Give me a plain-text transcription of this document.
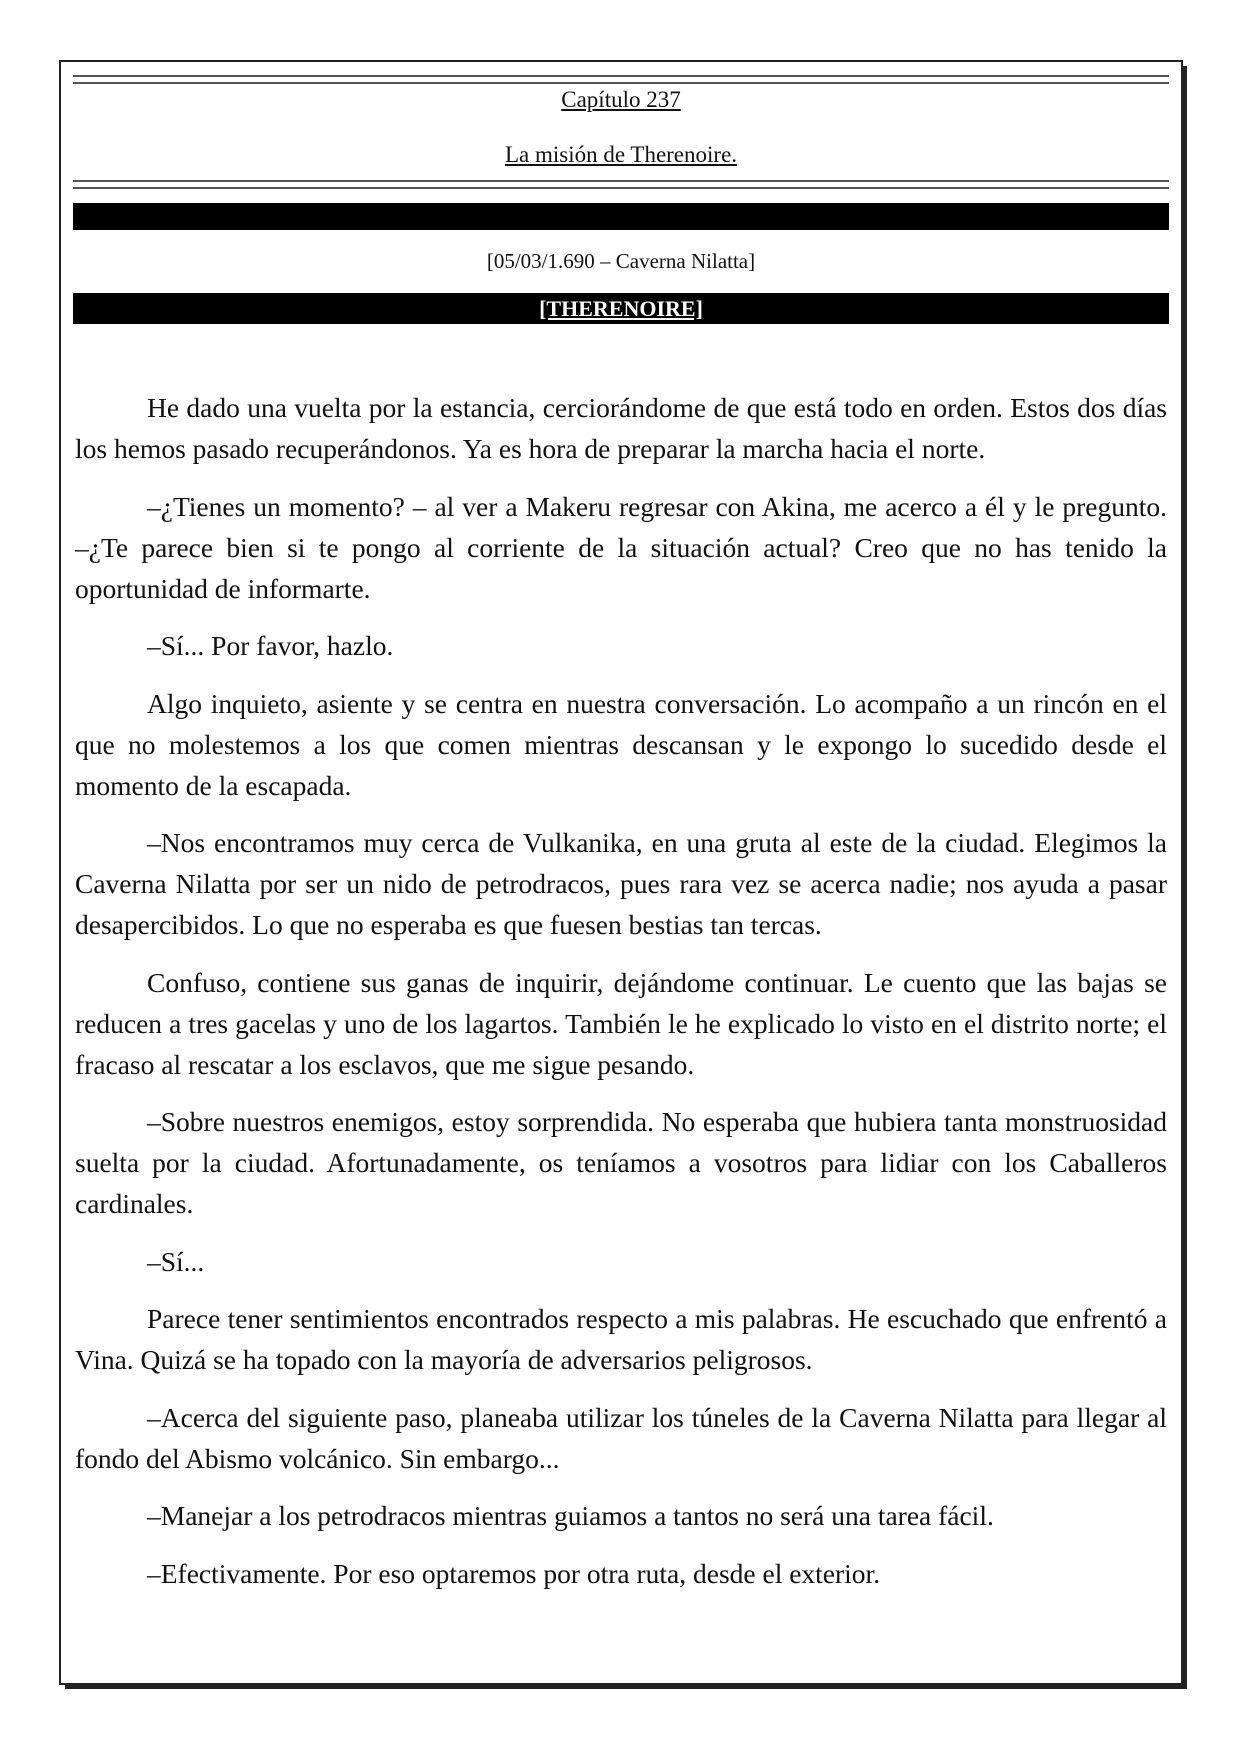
Capítulo 237
La misión de Therenoire.
[05/03/1.690 – Caverna Nilatta]
[THERENOIRE]

He dado una vuelta por la estancia, cerciorándome de que está todo en orden. Estos dos días los hemos pasado recuperándonos. Ya es hora de preparar la marcha hacia el norte.

–¿Tienes un momento? – al ver a Makeru regresar con Akina, me acerco a él y le pregunto. –¿Te parece bien si te pongo al corriente de la situación actual? Creo que no has tenido la oportunidad de informarte.

–Sí... Por favor, hazlo.

Algo inquieto, asiente y se centra en nuestra conversación. Lo acompaño a un rincón en el que no molestemos a los que comen mientras descansan y le expongo lo sucedido desde el momento de la escapada.

–Nos encontramos muy cerca de Vulkanika, en una gruta al este de la ciudad. Elegimos la Caverna Nilatta por ser un nido de petrodracos, pues rara vez se acerca nadie; nos ayuda a pasar desapercibidos. Lo que no esperaba es que fuesen bestias tan tercas.

Confuso, contiene sus ganas de inquirir, dejándome continuar. Le cuento que las bajas se reducen a tres gacelas y uno de los lagartos. También le he explicado lo visto en el distrito norte; el fracaso al rescatar a los esclavos, que me sigue pesando.

–Sobre nuestros enemigos, estoy sorprendida. No esperaba que hubiera tanta monstruosidad suelta por la ciudad. Afortunadamente, os teníamos a vosotros para lidiar con los Caballeros cardinales.

–Sí...

Parece tener sentimientos encontrados respecto a mis palabras. He escuchado que enfrentó a Vina. Quizá se ha topado con la mayoría de adversarios peligrosos.

–Acerca del siguiente paso, planeaba utilizar los túneles de la Caverna Nilatta para llegar al fondo del Abismo volcánico. Sin embargo...

–Manejar a los petrodracos mientras guiamos a tantos no será una tarea fácil.

–Efectivamente. Por eso optaremos por otra ruta, desde el exterior.
